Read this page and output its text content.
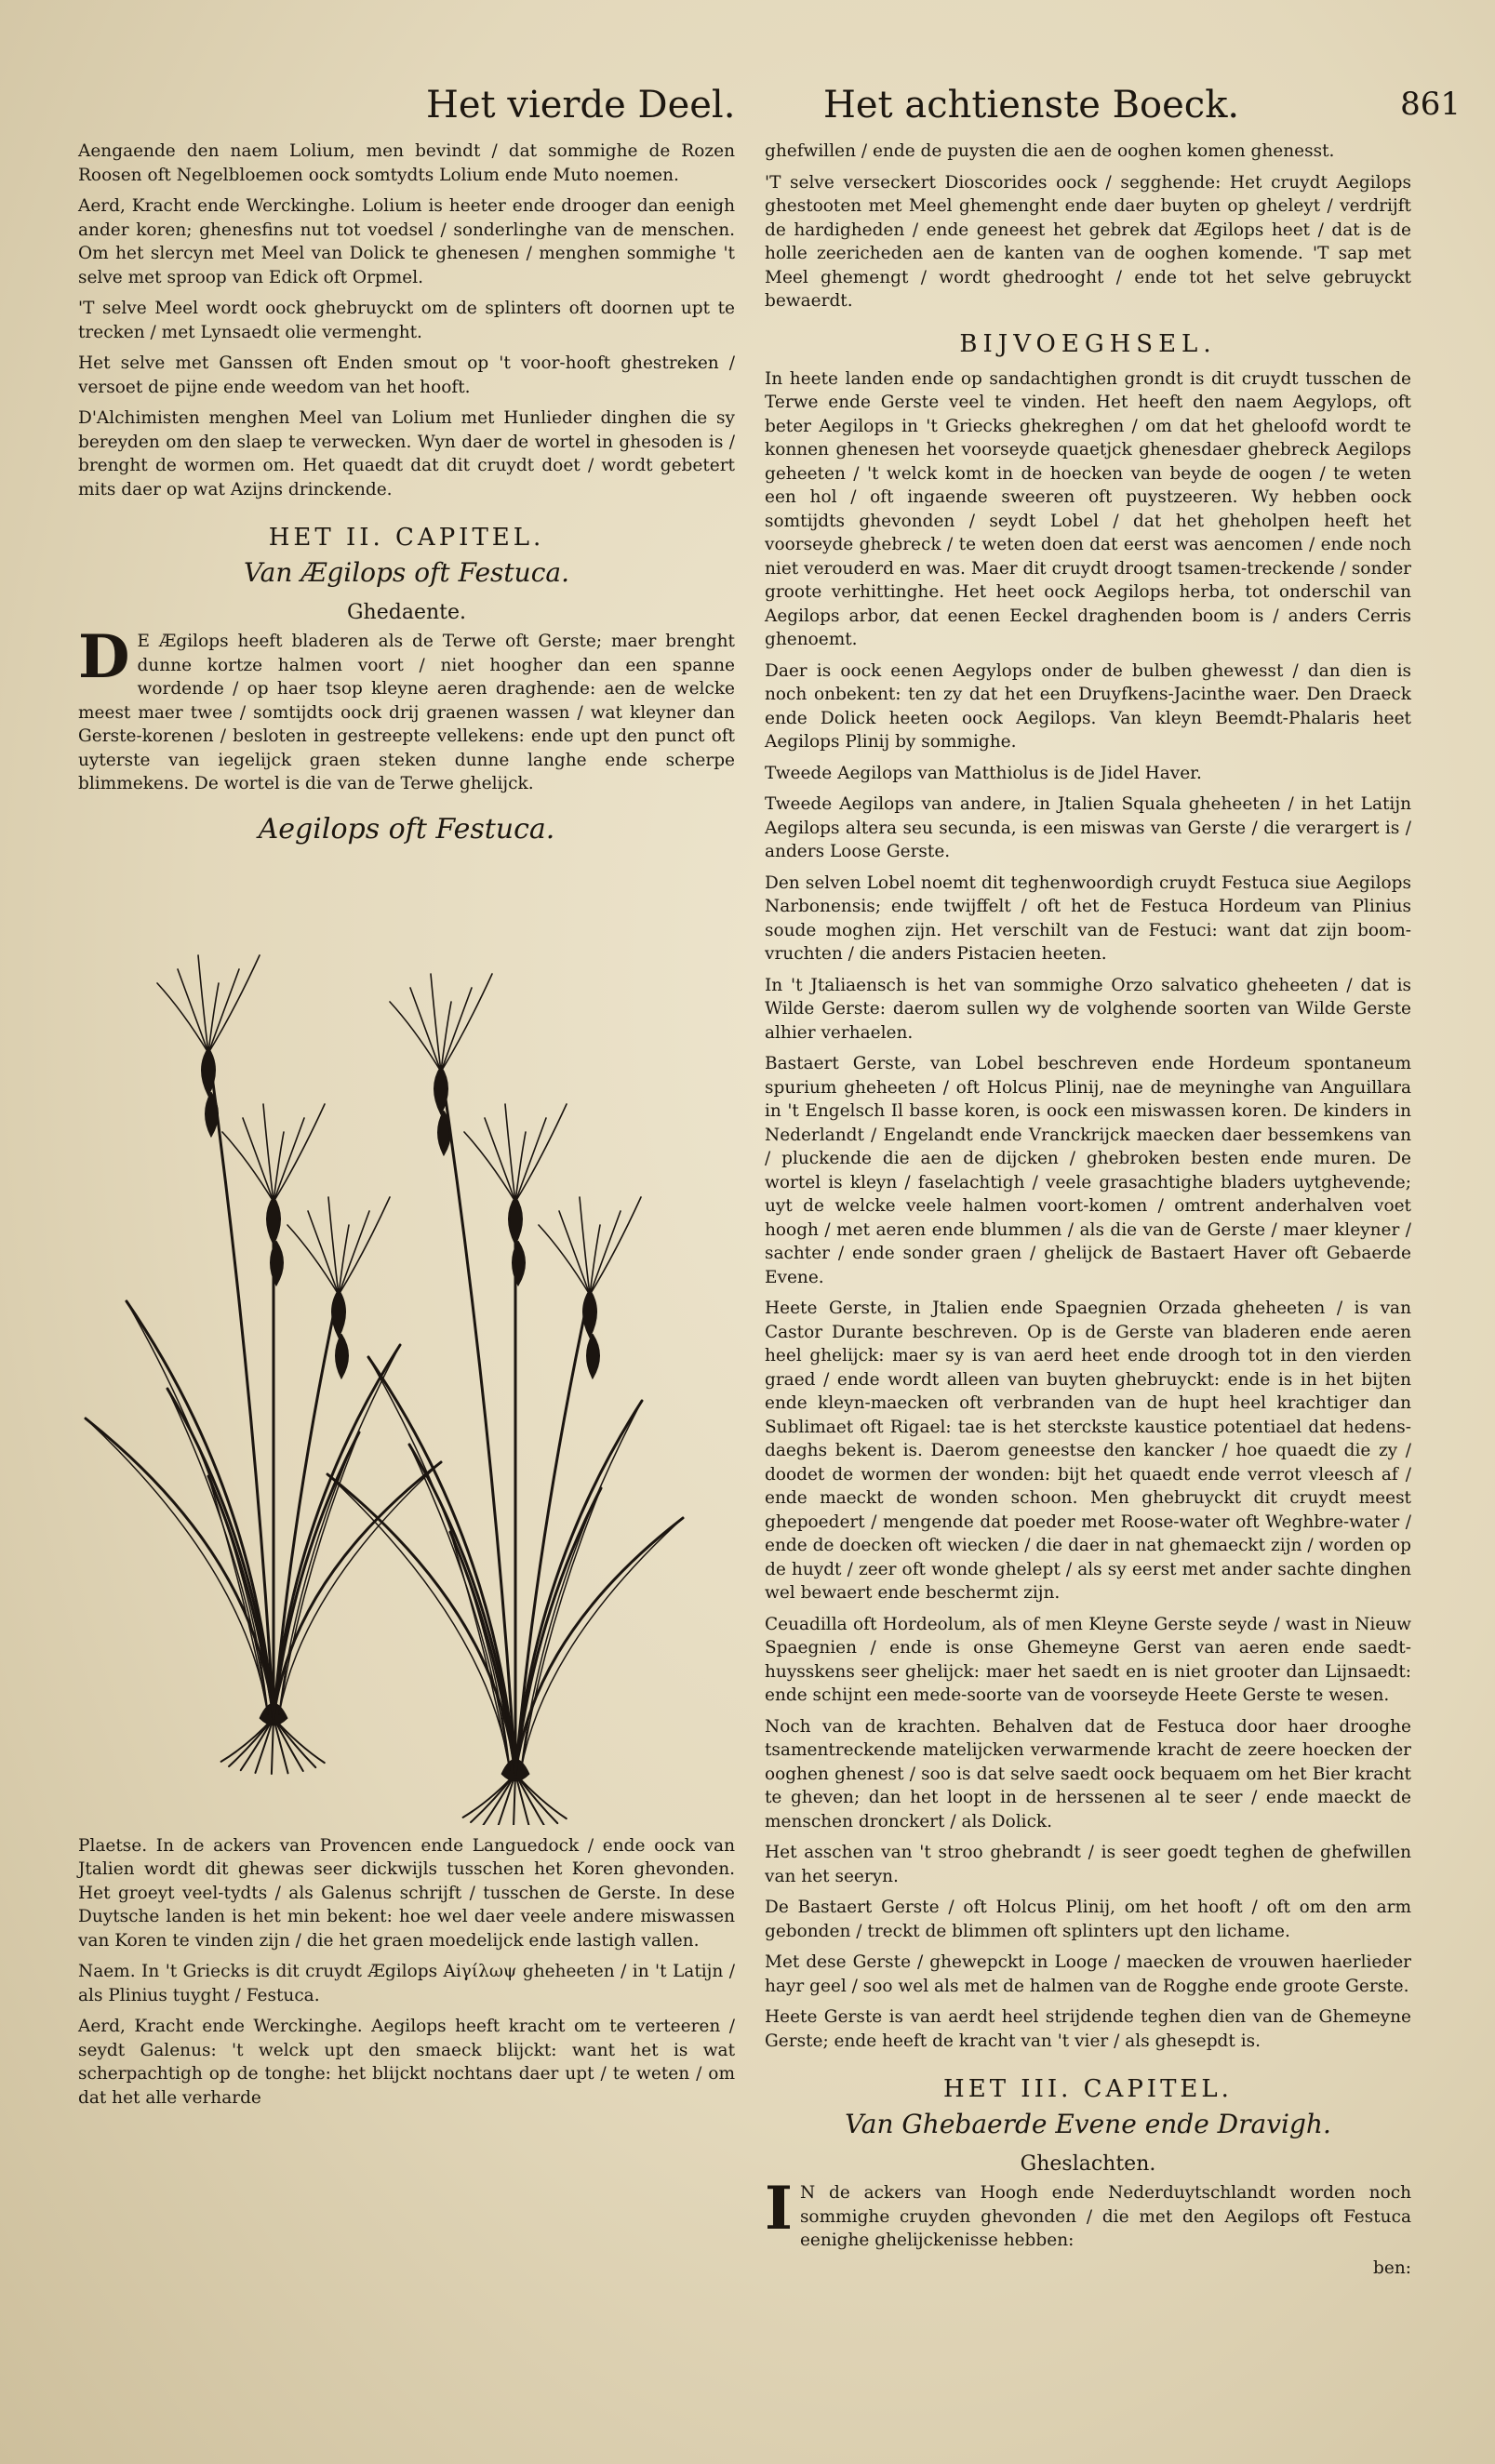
Het vierde Deel. Het achtienste Boeck.	861

Aengaende den naem Lolium, men bevindt / dat sommighe de Rozen Roosen oft Negelbloemen oock somtydts Lolium ende Muto noemen.

Aerd, Kracht ende Werckinghe. Lolium is heeter ende drooger dan eenigh ander koren; ghenesfins nut tot voedsel / sonderlinghe van de menschen. Om het slercyn met Meel van Dolick te ghenesen / menghen sommighe 't selve met sproop van Edick oft Orpmel.

'T selve Meel wordt oock ghebruyckt om de splinters oft doornen upt te trecken / met Lynsaedt olie vermenght.

Het selve met Ganssen oft Enden smout op 't voor-hooft ghestreken / versoet de pijne ende weedom van het hooft.

D'Alchimisten menghen Meel van Lolium met Hunlieder dinghen die sy bereyden om den slaep te verwecken. Wyn daer de wortel in ghesoden is / brenght de wormen om. Het quaedt dat dit cruydt doet / wordt gebetert mits daer op wat Azijns drinckende.

HET II. CAPITEL.
Van Ægilops oft Festuca.
Ghedaente.

D E Ægilops heeft bladeren als de Terwe oft Gerste; maer brenght dunne kortze halmen voort / niet hoogher dan een spanne wordende / op haer tsop kleyne aeren draghende: aen de welcke meest maer twee / somtijdts oock drij graenen wassen / wat kleyner dan Gerste-korenen / besloten in gestreepte vellekens: ende upt den punct oft uyterste van iegelijck graen steken dunne langhe ende scherpe blimmekens. De wortel is die van de Terwe ghelijck.

Aegilops oft Festuca.

Plaetse. In de ackers van Provencen ende Languedock / ende oock van Jtalien wordt dit ghewas seer dickwijls tusschen het Koren ghevonden. Het groeyt veel-tydts / als Galenus schrijft / tusschen de Gerste. In dese Duytsche landen is het min bekent: hoe wel daer veele andere miswassen van Koren te vinden zijn / die het graen moedelijck ende lastigh vallen.

Naem. In 't Griecks is dit cruydt Ægilops Aiγίλωψ gheheeten / in 't Latijn / als Plinius tuyght / Festuca.

Aerd, Kracht ende Werckinghe. Aegilops heeft kracht om te verteeren / seydt Galenus: 't welck upt den smaeck blijckt: want het is wat scherpachtigh op de tonghe: het blijckt nochtans daer upt / te weten / om dat het alle verharde

ghefwillen / ende de puysten die aen de ooghen komen ghenesst.

'T selve verseckert Dioscorides oock / segghende: Het cruydt Aegilops ghestooten met Meel ghemenght ende daer buyten op gheleyt / verdrijft de hardigheden / ende geneest het gebrek dat Ægilops heet / dat is de holle zeericheden aen de kanten van de ooghen komende. 'T sap met Meel ghemengt / wordt ghedrooght / ende tot het selve gebruyckt bewaerdt.

BIJVOEGHSEL.

In heete landen ende op sandachtighen grondt is dit cruydt tusschen de Terwe ende Gerste veel te vinden. Het heeft den naem Aegylops, oft beter Aegilops in 't Griecks ghekreghen / om dat het gheloofd wordt te konnen ghenesen het voorseyde quaetjck ghenesdaer ghebreck Aegilops geheeten / 't welck komt in de hoecken van beyde de oogen / te weten een hol / oft ingaende sweeren oft puystzeeren. Wy hebben oock somtijdts ghevonden / seydt Lobel / dat het gheholpen heeft het voorseyde ghebreck / te weten doen dat eerst was aencomen / ende noch niet verouderd en was. Maer dit cruydt droogt tsamen-treckende / sonder groote verhittinghe. Het heet oock Aegilops herba, tot onderschil van Aegilops arbor, dat eenen Eeckel draghenden boom is / anders Cerris ghenoemt.

Daer is oock eenen Aegylops onder de bulben ghewesst / dan dien is noch onbekent: ten zy dat het een Druyfkens-Jacinthe waer. Den Draeck ende Dolick heeten oock Aegilops. Van kleyn Beemdt-Phalaris heet Aegilops Plinij by sommighe.

Tweede Aegilops van Matthiolus is de Jidel Haver.

Tweede Aegilops van andere, in Jtalien Squala gheheeten / in het Latijn Aegilops altera seu secunda, is een miswas van Gerste / die verargert is / anders Loose Gerste.

Den selven Lobel noemt dit teghenwoordigh cruydt Festuca siue Aegilops Narbonensis; ende twijffelt / oft het de Festuca Hordeum van Plinius soude moghen zijn. Het verschilt van de Festuci: want dat zijn boom-vruchten / die anders Pistacien heeten.

In 't Jtaliaensch is het van sommighe Orzo salvatico gheheeten / dat is Wilde Gerste: daerom sullen wy de volghende soorten van Wilde Gerste alhier verhaelen.

Bastaert Gerste, van Lobel beschreven ende Hordeum spontaneum spurium gheheeten / oft Holcus Plinij, nae de meyninghe van Anguillara in 't Engelsch Il basse koren, is oock een miswassen koren. De kinders in Nederlandt / Engelandt ende Vranckrijck maecken daer bessemkens van / pluckende die aen de dijcken / ghebroken besten ende muren. De wortel is kleyn / faselachtigh / veele grasachtighe bladers uytghevende; uyt de welcke veele halmen voort-komen / omtrent anderhalven voet hoogh / met aeren ende blummen / als die van de Gerste / maer kleyner / sachter / ende sonder graen / ghelijck de Bastaert Haver oft Gebaerde Evene.

Heete Gerste, in Jtalien ende Spaegnien Orzada gheheeten / is van Castor Durante beschreven. Op is de Gerste van bladeren ende aeren heel ghelijck: maer sy is van aerd heet ende droogh tot in den vierden graed / ende wordt alleen van buyten ghebruyckt: ende is in het bijten ende kleyn-maecken oft verbranden van de hupt heel krachtiger dan Sublimaet oft Rigael: tae is het sterckste kaustice potentiael dat hedens-daeghs bekent is. Daerom geneestse den kancker / hoe quaedt die zy / doodet de wormen der wonden: bijt het quaedt ende verrot vleesch af / ende maeckt de wonden schoon. Men ghebruyckt dit cruydt meest ghepoedert / mengende dat poeder met Roose-water oft Weghbre-water / ende de doecken oft wiecken / die daer in nat ghemaeckt zijn / worden op de huydt / zeer oft wonde ghelept / als sy eerst met ander sachte dinghen wel bewaert ende beschermt zijn.

Ceuadilla oft Hordeolum, als of men Kleyne Gerste seyde / wast in Nieuw Spaegnien / ende is onse Ghemeyne Gerst van aeren ende saedt-huysskens seer ghelijck: maer het saedt en is niet grooter dan Lijnsaedt: ende schijnt een mede-soorte van de voorseyde Heete Gerste te wesen.

Noch van de krachten. Behalven dat de Festuca door haer drooghe tsamentreckende matelijcken verwarmende kracht de zeere hoecken der ooghen ghenest / soo is dat selve saedt oock bequaem om het Bier kracht te gheven; dan het loopt in de herssenen al te seer / ende maeckt de menschen dronckert / als Dolick.

Het asschen van 't stroo ghebrandt / is seer goedt teghen de ghefwillen van het seeryn.

De Bastaert Gerste / oft Holcus Plinij, om het hooft / oft om den arm gebonden / treckt de blimmen oft splinters upt den lichame.

Met dese Gerste / ghewepckt in Looge / maecken de vrouwen haerlieder hayr geel / soo wel als met de halmen van de Rogghe ende groote Gerste.

Heete Gerste is van aerdt heel strijdende teghen dien van de Ghemeyne Gerste; ende heeft de kracht van 't vier / als ghesepdt is.

HET III. CAPITEL.
Van Ghebaerde Evene ende Dravigh.
Gheslachten.

I N de ackers van Hoogh ende Nederduytschlandt worden noch sommighe cruyden ghevonden / die met den Aegilops oft Festuca eenighe ghelijckenisse hebben:

ben:
